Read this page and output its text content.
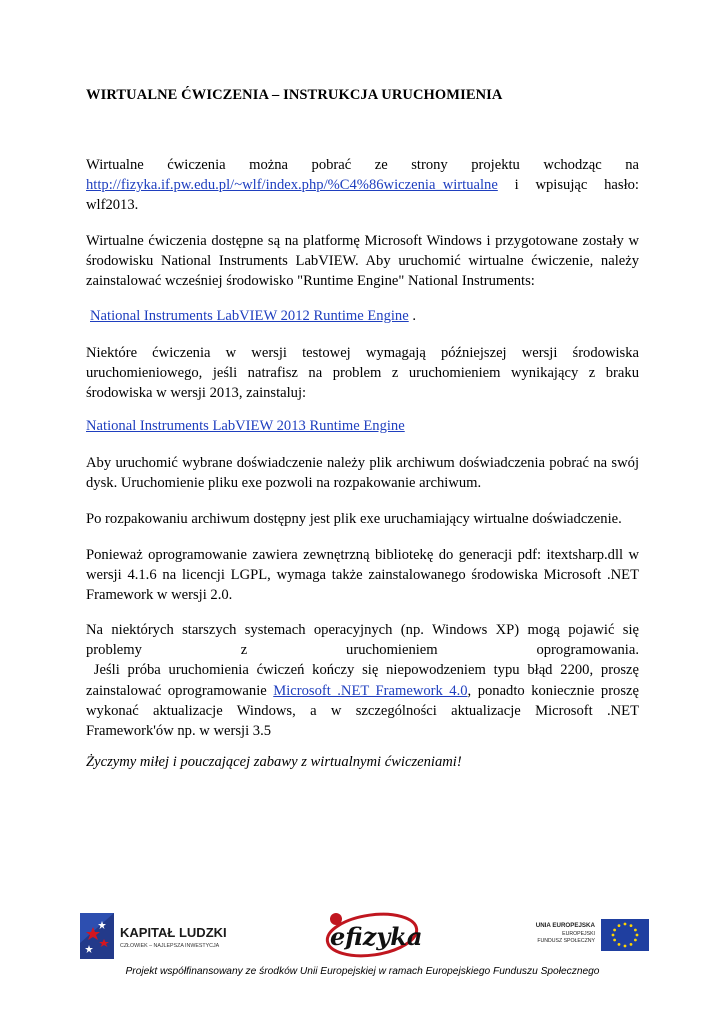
WIRTUALNE ĆWICZENIA – INSTRUKCJA URUCHOMIENIA
Wirtualne ćwiczenia można pobrać ze strony projektu wchodząc na
http://fizyka.if.pw.edu.pl/~wlf/index.php/%C4%86wiczenia_wirtualne i wpisując hasło:
wlf2013.
Wirtualne ćwiczenia dostępne są na platformę Microsoft Windows i przygotowane zostały w środowisku National Instruments LabVIEW. Aby uruchomić wirtualne ćwiczenie, należy zainstalować wcześniej środowisko "Runtime Engine" National Instruments:
National Instruments LabVIEW 2012 Runtime Engine .
Niektóre ćwiczenia w wersji testowej wymagają późniejszej wersji środowiska uruchomieniowego, jeśli natrafisz na problem z uruchomieniem wynikający z braku środowiska w wersji 2013, zainstaluj:
National Instruments LabVIEW 2013 Runtime Engine
Aby uruchomić wybrane doświadczenie należy plik archiwum doświadczenia pobrać na swój dysk. Uruchomienie pliku exe pozwoli na rozpakowanie archiwum.
Po rozpakowaniu archiwum dostępny jest plik exe uruchamiający wirtualne doświadczenie.
Ponieważ oprogramowanie zawiera zewnętrzną bibliotekę do generacji pdf: itextsharp.dll w wersji 4.1.6 na licencji LGPL, wymaga także zainstalowanego środowiska Microsoft .NET Framework w wersji 2.0.
Na niektórych starszych systemach operacyjnych (np. Windows XP) mogą pojawić się
problemy z uruchomieniem oprogramowania.
Jeśli próba uruchomienia ćwiczeń kończy się niepowodzeniem typu błąd 2200, proszę
zainstalować oprogramowanie Microsoft .NET Framework 4.0, ponadto koniecznie proszę
wykonać aktualizacje Windows, a w szczególności aktualizacje Microsoft .NET Framework'ów np. w wersji 3.5
Życzymy miłej i pouczającej zabawy z wirtualnymi ćwiczeniami!
KAPITAŁ LUDZKI
CZŁOWIEK – NAJLEPSZA INWESTYCJA	efizyka	UNIA EUROPEJSKA
EUROPEJSKI
FUNDUSZ SPOŁECZNY
Projekt współfinansowany ze środków Unii Europejskiej w ramach Europejskiego Funduszu Społecznego
